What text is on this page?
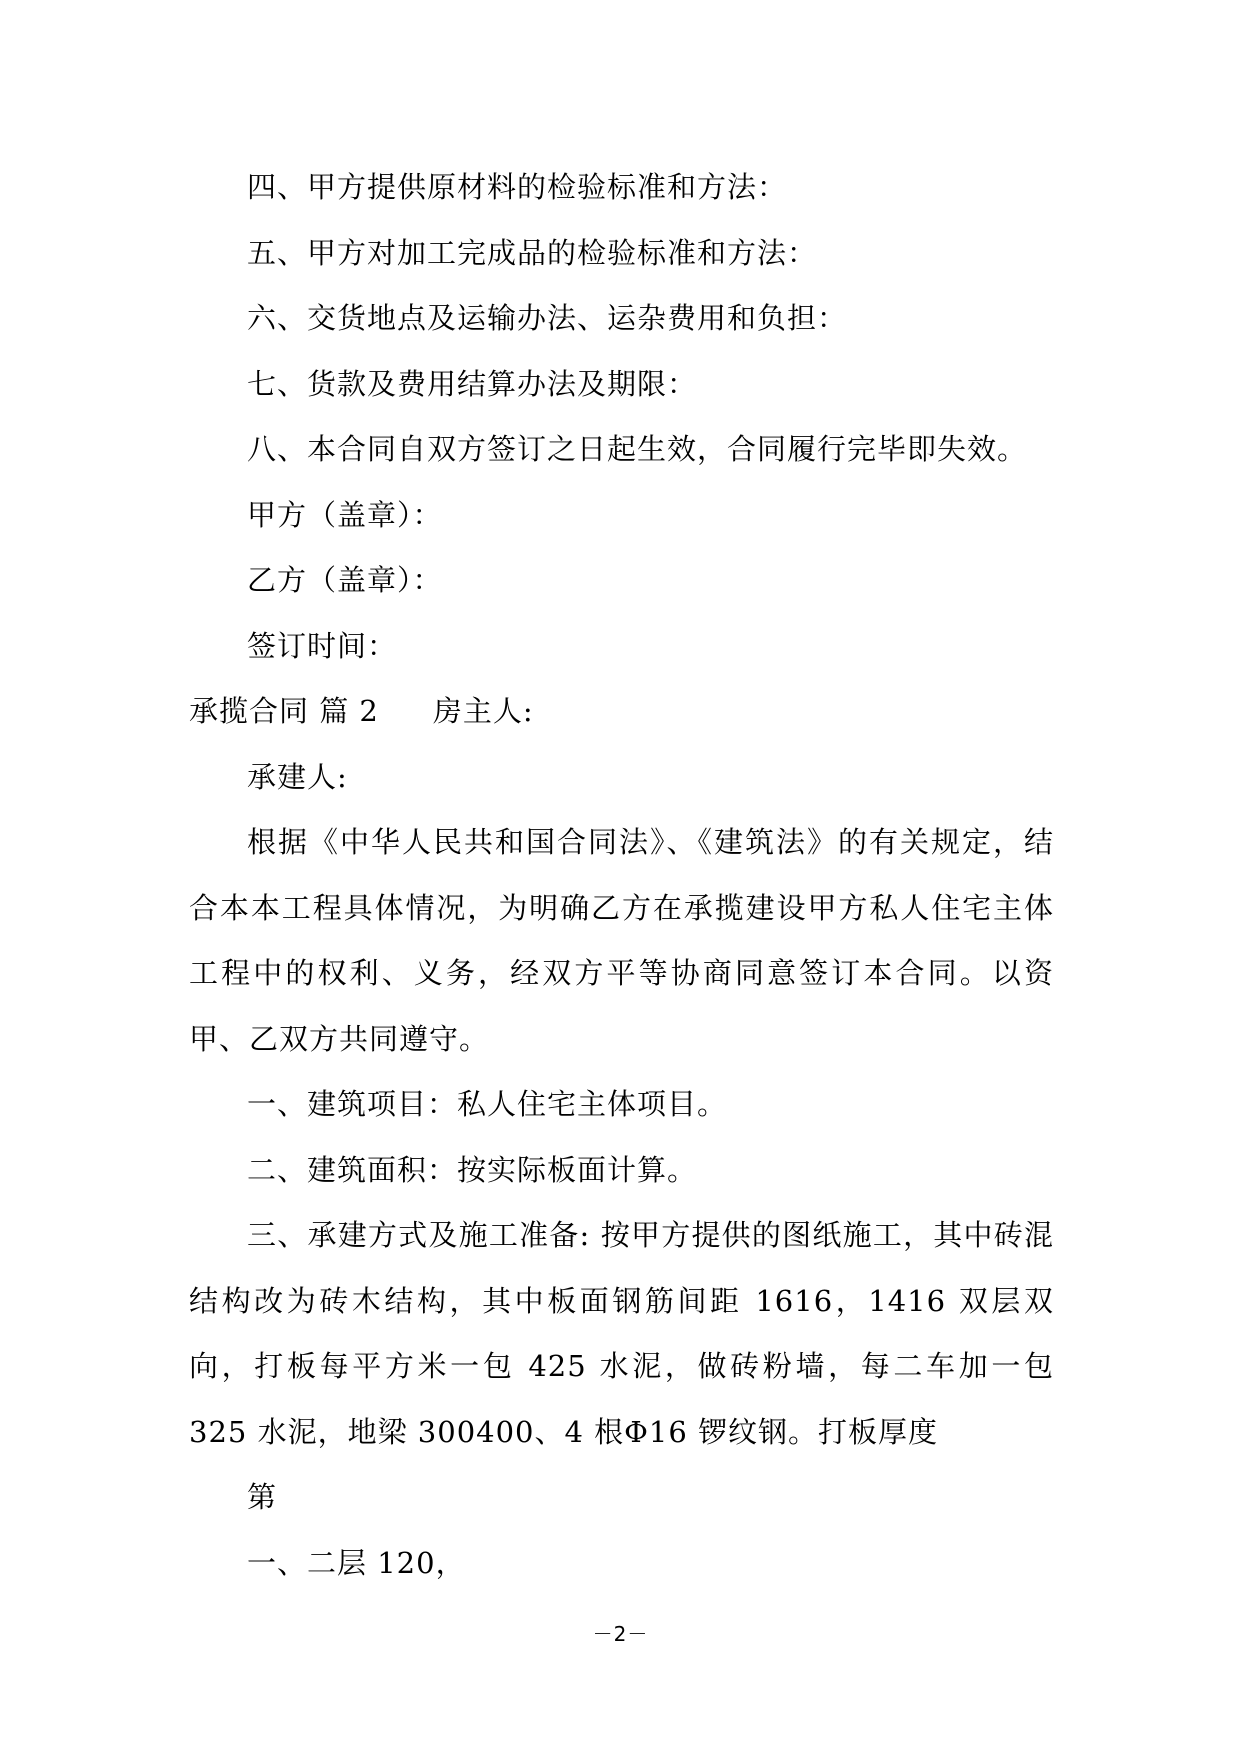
四、甲方提供原材料的检验标准和方法：

五、甲方对加工完成品的检验标准和方法：

六、交货地点及运输办法、运杂费用和负担：

七、货款及费用结算办法及期限：

八、本合同自双方签订之日起生效，合同履行完毕即失效。

甲方（盖章）：

乙方（盖章）：

签订时间：

承揽合同 篇 2 房主人:

承建人:

根据《中华人民共和国合同法》、《建筑法》的有关规定，结合本本工程具体情况，为明确乙方在承揽建设甲方私人住宅主体工程中的权利、义务，经双方平等协商同意签订本合同。以资甲、乙双方共同遵守。

一、建筑项目：私人住宅主体项目。

二、建筑面积：按实际板面计算。

三、承建方式及施工准备: 按甲方提供的图纸施工，其中砖混结构改为砖木结构，其中板面钢筋间距 1616，1416 双层双向，打板每平方米一包 425 水泥，做砖粉墙，每二车加一包 325 水泥，地梁 300400、4 根Φ16 锣纹钢。打板厚度

第

一、二层 120，

－2－
